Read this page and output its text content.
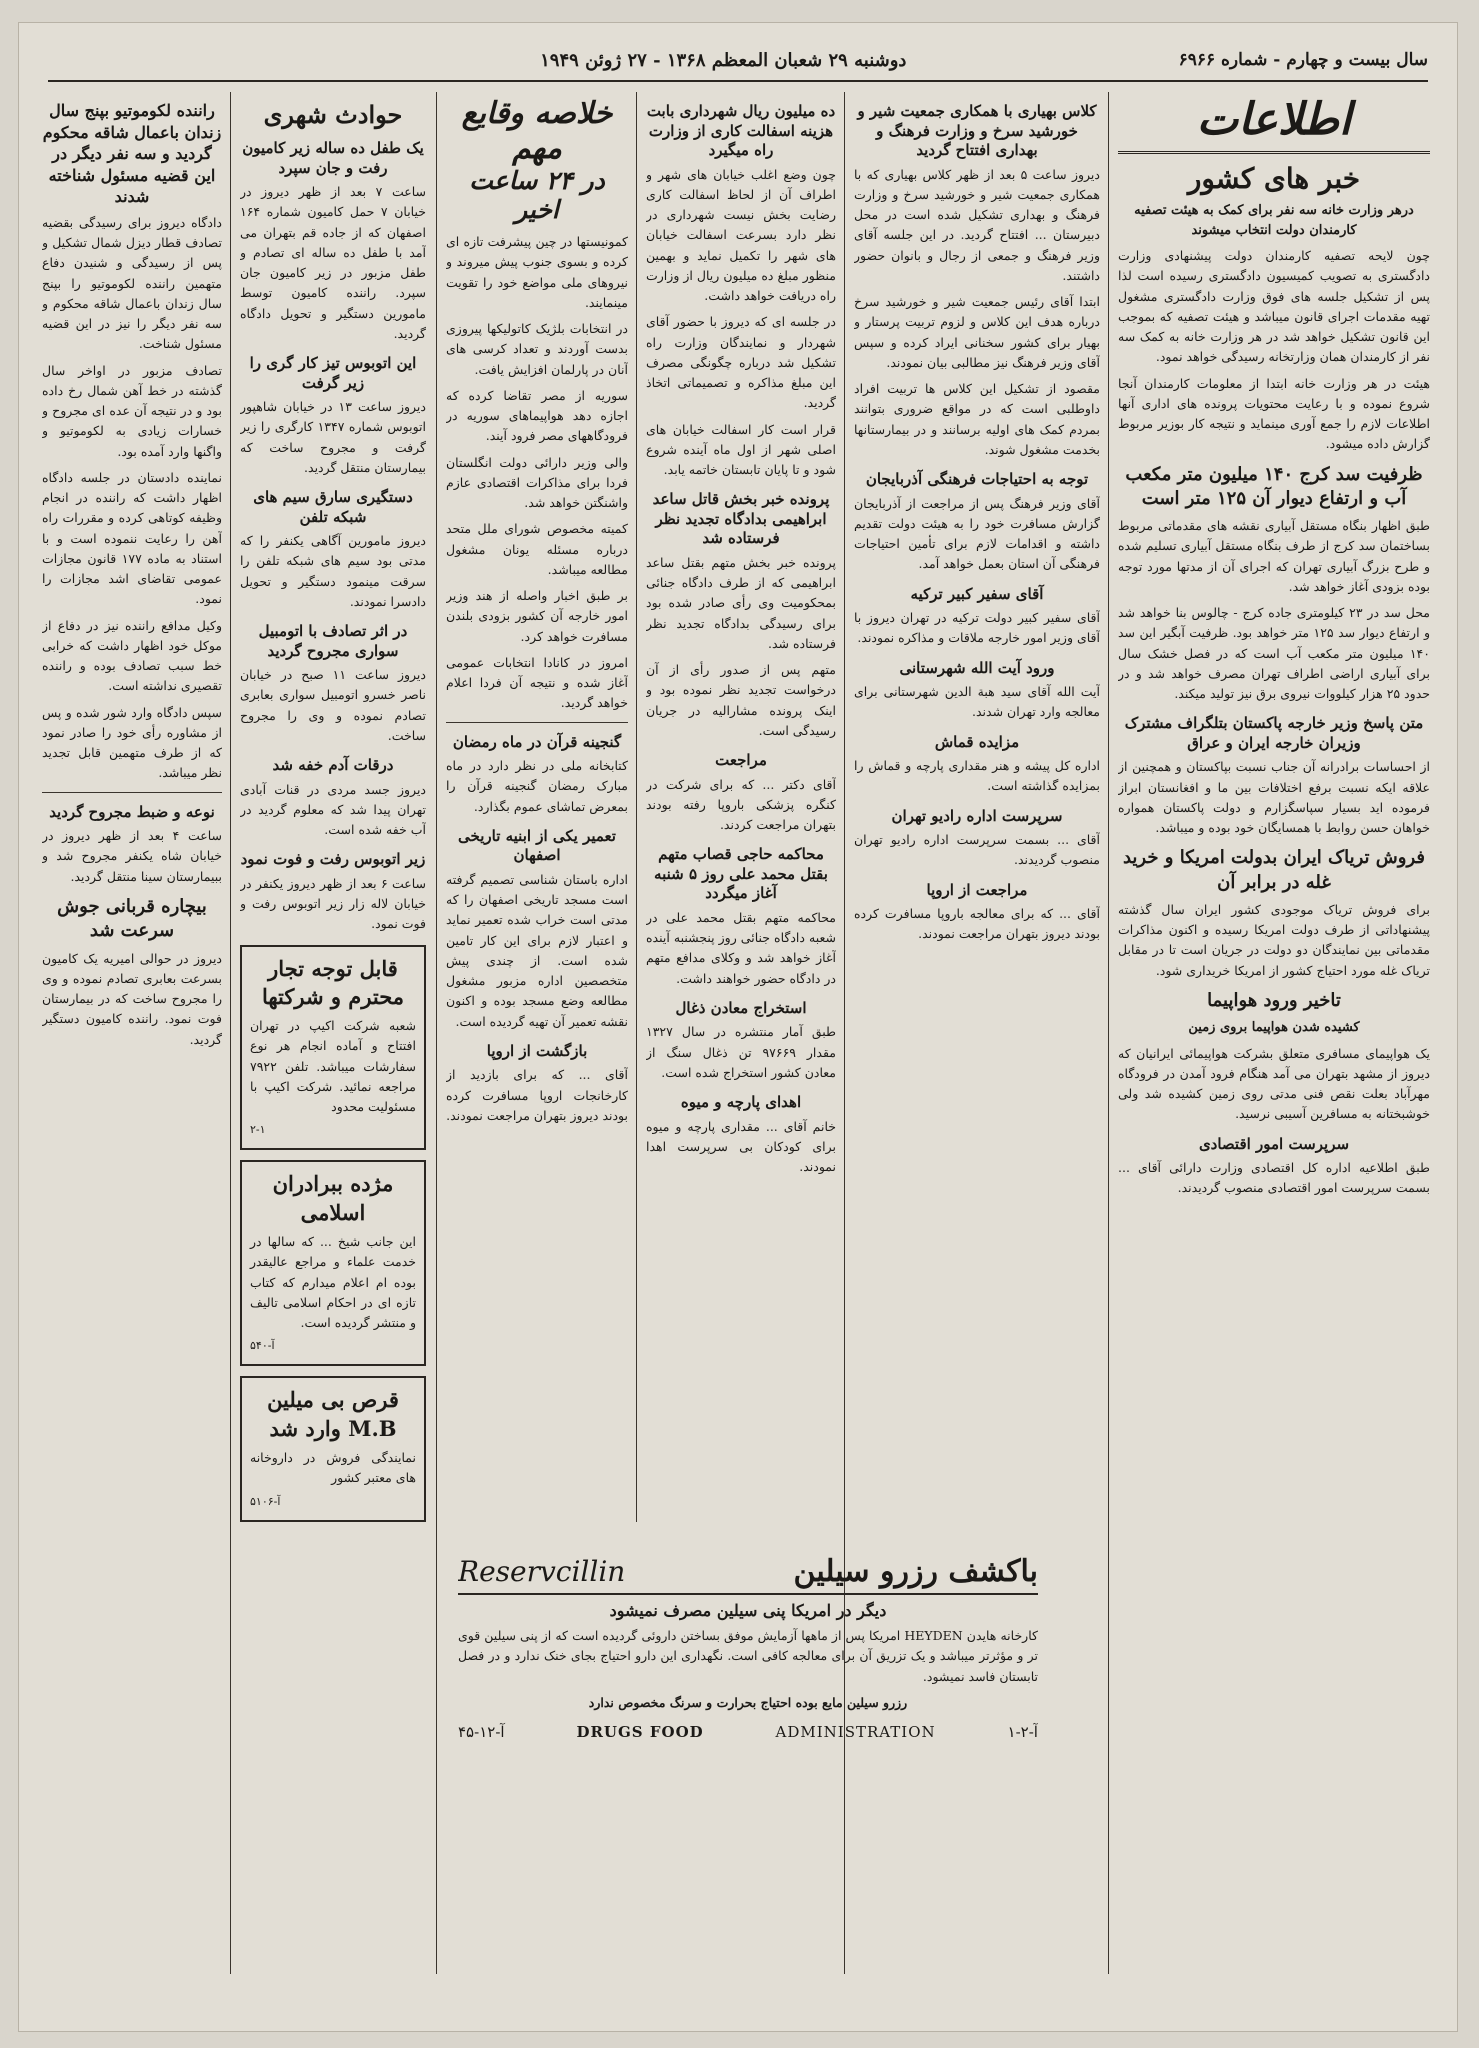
سال بیست و چهارم - شماره ۶۹۶۶
دوشنبه ۲۹ شعبان المعظم ۱۳۶۸ - ۲۷ ژوئن ۱۹۴۹
اطلاعات
خبر های کشور
درهر وزارت خانه سه نفر برای کمک به هیئت تصفیه کارمندان دولت انتخاب میشوند

چون لایحه تصفیه کارمندان دولت پیشنهادی وزارت دادگستری به تصویب کمیسیون دادگستری رسیده است لذا پس از تشکیل جلسه های فوق وزارت دادگستری مشغول تهیه مقدمات اجرای قانون میباشد و هیئت تصفیه که بموجب این قانون تشکیل خواهد شد در هر وزارت خانه به کمک سه نفر از کارمندان همان وزارتخانه رسیدگی خواهد نمود.

هیئت در هر وزارت خانه ابتدا از معلومات کارمندان آنجا شروع نموده و با رعایت محتویات پرونده های اداری آنها اطلاعات لازم را جمع آوری مینماید و نتیجه کار بوزیر مربوط گزارش داده میشود.

ظرفیت سد کرج ۱۴۰ میلیون متر مکعب آب و ارتفاع دیوار آن ۱۲۵ متر است

طبق اظهار بنگاه مستقل آبیاری نقشه های مقدماتی مربوط بساختمان سد کرج از طرف بنگاه مستقل آبیاری تسلیم شده و طرح بزرگ آبیاری تهران که اجرای آن از مدتها مورد توجه بوده بزودی آغاز خواهد شد.

محل سد در ۲۳ کیلومتری جاده کرج - چالوس بنا خواهد شد و ارتفاع دیوار سد ۱۲۵ متر خواهد بود. ظرفیت آبگیر این سد ۱۴۰ میلیون متر مکعب آب است که در فصل خشک سال برای آبیاری اراضی اطراف تهران مصرف خواهد شد و در حدود ۲۵ هزار کیلووات نیروی برق نیز تولید میکند.

متن پاسخ وزیر خارجه پاکستان بتلگراف مشترک وزیران خارجه ایران و عراق

از احساسات برادرانه آن جناب نسبت بپاکستان و همچنین از علاقه ایکه نسبت برفع اختلافات بین ما و افغانستان ابراز فرموده اید بسیار سپاسگزارم و دولت پاکستان همواره خواهان حسن روابط با همسایگان خود بوده و میباشد.

فروش تریاک ایران بدولت امریکا و خرید غله در برابر آن

برای فروش تریاک موجودی کشور ایران سال گذشته پیشنهاداتی از طرف دولت امریکا رسیده و اکنون مذاکرات مقدماتی بین نمایندگان دو دولت در جریان است تا در مقابل تریاک غله مورد احتیاج کشور از امریکا خریداری شود.

تاخیر ورود هواپیما
کشیده شدن هواپیما بروی زمین

یک هواپیمای مسافری متعلق بشرکت هواپیمائی ایرانیان که دیروز از مشهد بتهران می آمد هنگام فرود آمدن در فرودگاه مهرآباد بعلت نقص فنی مدتی روی زمین کشیده شد ولی خوشبختانه به مسافرین آسیبی نرسید.

سرپرست امور اقتصادی

طبق اطلاعیه اداره کل اقتصادی وزارت دارائی آقای ... بسمت سرپرست امور اقتصادی منصوب گردیدند.

کلاس بهیاری با همکاری جمعیت شیر و خورشید سرخ و وزارت فرهنگ و بهداری افتتاح گردید

دیروز ساعت ۵ بعد از ظهر کلاس بهیاری که با همکاری جمعیت شیر و خورشید سرخ و وزارت فرهنگ و بهداری تشکیل شده است در محل دبیرستان ... افتتاح گردید. در این جلسه آقای وزیر فرهنگ و جمعی از رجال و بانوان حضور داشتند.

ابتدا آقای رئیس جمعیت شیر و خورشید سرخ درباره هدف این کلاس و لزوم تربیت پرستار و بهیار برای کشور سخنانی ایراد کرده و سپس آقای وزیر فرهنگ نیز مطالبی بیان نمودند.

مقصود از تشکیل این کلاس ها تربیت افراد داوطلبی است که در مواقع ضروری بتوانند بمردم کمک های اولیه برسانند و در بیمارستانها بخدمت مشغول شوند.

توجه به احتیاجات فرهنگی آذربایجان

آقای وزیر فرهنگ پس از مراجعت از آذربایجان گزارش مسافرت خود را به هیئت دولت تقدیم داشته و اقدامات لازم برای تأمین احتیاجات فرهنگی آن استان بعمل خواهد آمد.

آقای سفیر کبیر ترکیه

آقای سفیر کبیر دولت ترکیه در تهران دیروز با آقای وزیر امور خارجه ملاقات و مذاکره نمودند.

ورود آیت الله شهرستانی

آیت الله آقای سید هبة الدین شهرستانی برای معالجه وارد تهران شدند.

مزایده قماش

اداره کل پیشه و هنر مقداری پارچه و قماش را بمزایده گذاشته است.

سرپرست اداره رادیو تهران

آقای ... بسمت سرپرست اداره رادیو تهران منصوب گردیدند.

مراجعت از اروپا

آقای ... که برای معالجه باروپا مسافرت کرده بودند دیروز بتهران مراجعت نمودند.

ده میلیون ریال شهرداری بابت هزینه اسفالت کاری از وزارت راه میگیرد

چون وضع اغلب خیابان های شهر و اطراف آن از لحاظ اسفالت کاری رضایت بخش نیست شهرداری در نظر دارد بسرعت اسفالت خیابان های شهر را تکمیل نماید و بهمین منظور مبلغ ده میلیون ریال از وزارت راه دریافت خواهد داشت.

در جلسه ای که دیروز با حضور آقای شهردار و نمایندگان وزارت راه تشکیل شد درباره چگونگی مصرف این مبلغ مذاکره و تصمیماتی اتخاذ گردید.

قرار است کار اسفالت خیابان های اصلی شهر از اول ماه آینده شروع شود و تا پایان تابستان خاتمه یابد.

پرونده خبر بخش قاتل ساعد ابراهیمی بدادگاه تجدید نظر فرستاده شد

پرونده خبر بخش متهم بقتل ساعد ابراهیمی که از طرف دادگاه جنائی بمحکومیت وی رأی صادر شده بود برای رسیدگی بدادگاه تجدید نظر فرستاده شد.

متهم پس از صدور رأی از آن درخواست تجدید نظر نموده بود و اینک پرونده مشارالیه در جریان رسیدگی است.

مراجعت

آقای دکتر ... که برای شرکت در کنگره پزشکی باروپا رفته بودند بتهران مراجعت کردند.

محاکمه حاجی قصاب متهم بقتل محمد علی روز ۵ شنبه آغاز میگردد

محاکمه متهم بقتل محمد علی در شعبه دادگاه جنائی روز پنجشنبه آینده آغاز خواهد شد و وکلای مدافع متهم در دادگاه حضور خواهند داشت.

استخراج معادن ذغال

طبق آمار منتشره در سال ۱۳۲۷ مقدار ۹۷۶۶۹ تن ذغال سنگ از معادن کشور استخراج شده است.

اهدای پارچه و میوه

خانم آقای ... مقداری پارچه و میوه برای کودکان بی سرپرست اهدا نمودند.

خلاصه وقایع مهم
در ۲۴ ساعت اخیر

کمونیستها در چین پیشرفت تازه ای کرده و بسوی جنوب پیش میروند و نیروهای ملی مواضع خود را تقویت مینمایند.

در انتخابات بلژیک کاتولیکها پیروزی بدست آوردند و تعداد کرسی های آنان در پارلمان افزایش یافت.

سوریه از مصر تقاضا کرده که اجازه دهد هواپیماهای سوریه در فرودگاههای مصر فرود آیند.

والی وزیر دارائی دولت انگلستان فردا برای مذاکرات اقتصادی عازم واشنگتن خواهد شد.

کمیته مخصوص شورای ملل متحد درباره مسئله یونان مشغول مطالعه میباشد.

بر طبق اخبار واصله از هند وزیر امور خارجه آن کشور بزودی بلندن مسافرت خواهد کرد.

امروز در کانادا انتخابات عمومی آغاز شده و نتیجه آن فردا اعلام خواهد گردید.

گنجینه قرآن در ماه رمضان

کتابخانه ملی در نظر دارد در ماه مبارک رمضان گنجینه قرآن را بمعرض تماشای عموم بگذارد.

تعمیر یکی از ابنیه تاریخی اصفهان

اداره باستان شناسی تصمیم گرفته است مسجد تاریخی اصفهان را که مدتی است خراب شده تعمیر نماید و اعتبار لازم برای این کار تامین شده است. از چندی پیش متخصصین اداره مزبور مشغول مطالعه وضع مسجد بوده و اکنون نقشه تعمیر آن تهیه گردیده است.

بازگشت از اروپا

آقای ... که برای بازدید از کارخانجات اروپا مسافرت کرده بودند دیروز بتهران مراجعت نمودند.

حوادث شهری
یک طفل ده ساله زیر کامیون رفت و جان سپرد

ساعت ۷ بعد از ظهر دیروز در خیابان ۷ حمل کامیون شماره ۱۶۴ اصفهان که از جاده قم بتهران می آمد با طفل ده ساله ای تصادم و طفل مزبور در زیر کامیون جان سپرد. راننده کامیون توسط مامورین دستگیر و تحویل دادگاه گردید.

این اتوبوس تیز کار گری را زیر گرفت

دیروز ساعت ۱۳ در خیابان شاهپور اتوبوس شماره ۱۳۴۷ کارگری را زیر گرفت و مجروح ساخت که بیمارستان منتقل گردید.

دستگیری سارق سیم های شبکه تلفن

دیروز مامورین آگاهی یکنفر را که مدتی بود سیم های شبکه تلفن را سرقت مینمود دستگیر و تحویل دادسرا نمودند.

در اثر تصادف با اتومبیل سواری مجروح گردید

دیروز ساعت ۱۱ صبح در خیابان ناصر خسرو اتومبیل سواری بعابری تصادم نموده و وی را مجروح ساخت.

درقات آدم خفه شد

دیروز جسد مردی در قنات آبادی تهران پیدا شد که معلوم گردید در آب خفه شده است.

زیر اتوبوس رفت و فوت نمود

ساعت ۶ بعد از ظهر دیروز یکنفر در خیابان لاله زار زیر اتوبوس رفت و فوت نمود.

قابل توجه تجار محترم و شرکتها

شعبه شرکت اکیپ در تهران افتتاح و آماده انجام هر نوع سفارشات میباشد. تلفن ۷۹۲۲ مراجعه نمائید. شرکت اکیپ با مسئولیت محدود

۲-۱
مژده ببرادران اسلامی

این جانب شیخ ... که سالها در خدمت علماء و مراجع عالیقدر بوده ام اعلام میدارم که کتاب تازه ای در احکام اسلامی تالیف و منتشر گردیده است.

آ-۵۴۰
قرص بی میلین M.B وارد شد

نمایندگی فروش در داروخانه های معتبر کشور

آ-۵۱۰۶
راننده لکوموتیو بپنج سال زندان باعمال شاقه محکوم گردید و سه نفر دیگر در این قضیه مسئول شناخته شدند

دادگاه دیروز برای رسیدگی بقضیه تصادف قطار دیزل شمال تشکیل و پس از رسیدگی و شنیدن دفاع متهمین راننده لکوموتیو را بپنج سال زندان باعمال شاقه محکوم و سه نفر دیگر را نیز در این قضیه مسئول شناخت.

تصادف مزبور در اواخر سال گذشته در خط آهن شمال رخ داده بود و در نتیجه آن عده ای مجروح و خسارات زیادی به لکوموتیو و واگنها وارد آمده بود.

نماینده دادستان در جلسه دادگاه اظهار داشت که راننده در انجام وظیفه کوتاهی کرده و مقررات راه آهن را رعایت ننموده است و با استناد به ماده ۱۷۷ قانون مجازات عمومی تقاضای اشد مجازات را نمود.

وکیل مدافع راننده نیز در دفاع از موکل خود اظهار داشت که خرابی خط سبب تصادف بوده و راننده تقصیری نداشته است.

سپس دادگاه وارد شور شده و پس از مشاوره رأی خود را صادر نمود که از طرف متهمین قابل تجدید نظر میباشد.

نوعه و ضبط مجروح گردید

ساعت ۴ بعد از ظهر دیروز در خیابان شاه یکنفر مجروح شد و ببیمارستان سینا منتقل گردید.

بیچاره قربانی جوش سرعت شد

دیروز در حوالی امیریه یک کامیون بسرعت بعابری تصادم نموده و وی را مجروح ساخت که در بیمارستان فوت نمود. راننده کامیون دستگیر گردید.

باکشف رزرو سیلین
Reservcillin
دیگر در امریکا پنی سیلین مصرف نمیشود

کارخانه هایدن HEYDEN امریکا پس از ماهها آزمایش موفق بساختن داروئی گردیده است که از پنی سیلین قوی تر و مؤثرتر میباشد و یک تزریق آن برای معالجه کافی است. نگهداری این دارو احتیاج بجای خنک ندارد و در فصل تابستان فاسد نمیشود.

رزرو سیلین مایع بوده احتیاج بحرارت و سرنگ مخصوص ندارد

آ-۱۲-۴۵	DRUGS FOOD	ADMINISTRATION	آ-۲-۱
